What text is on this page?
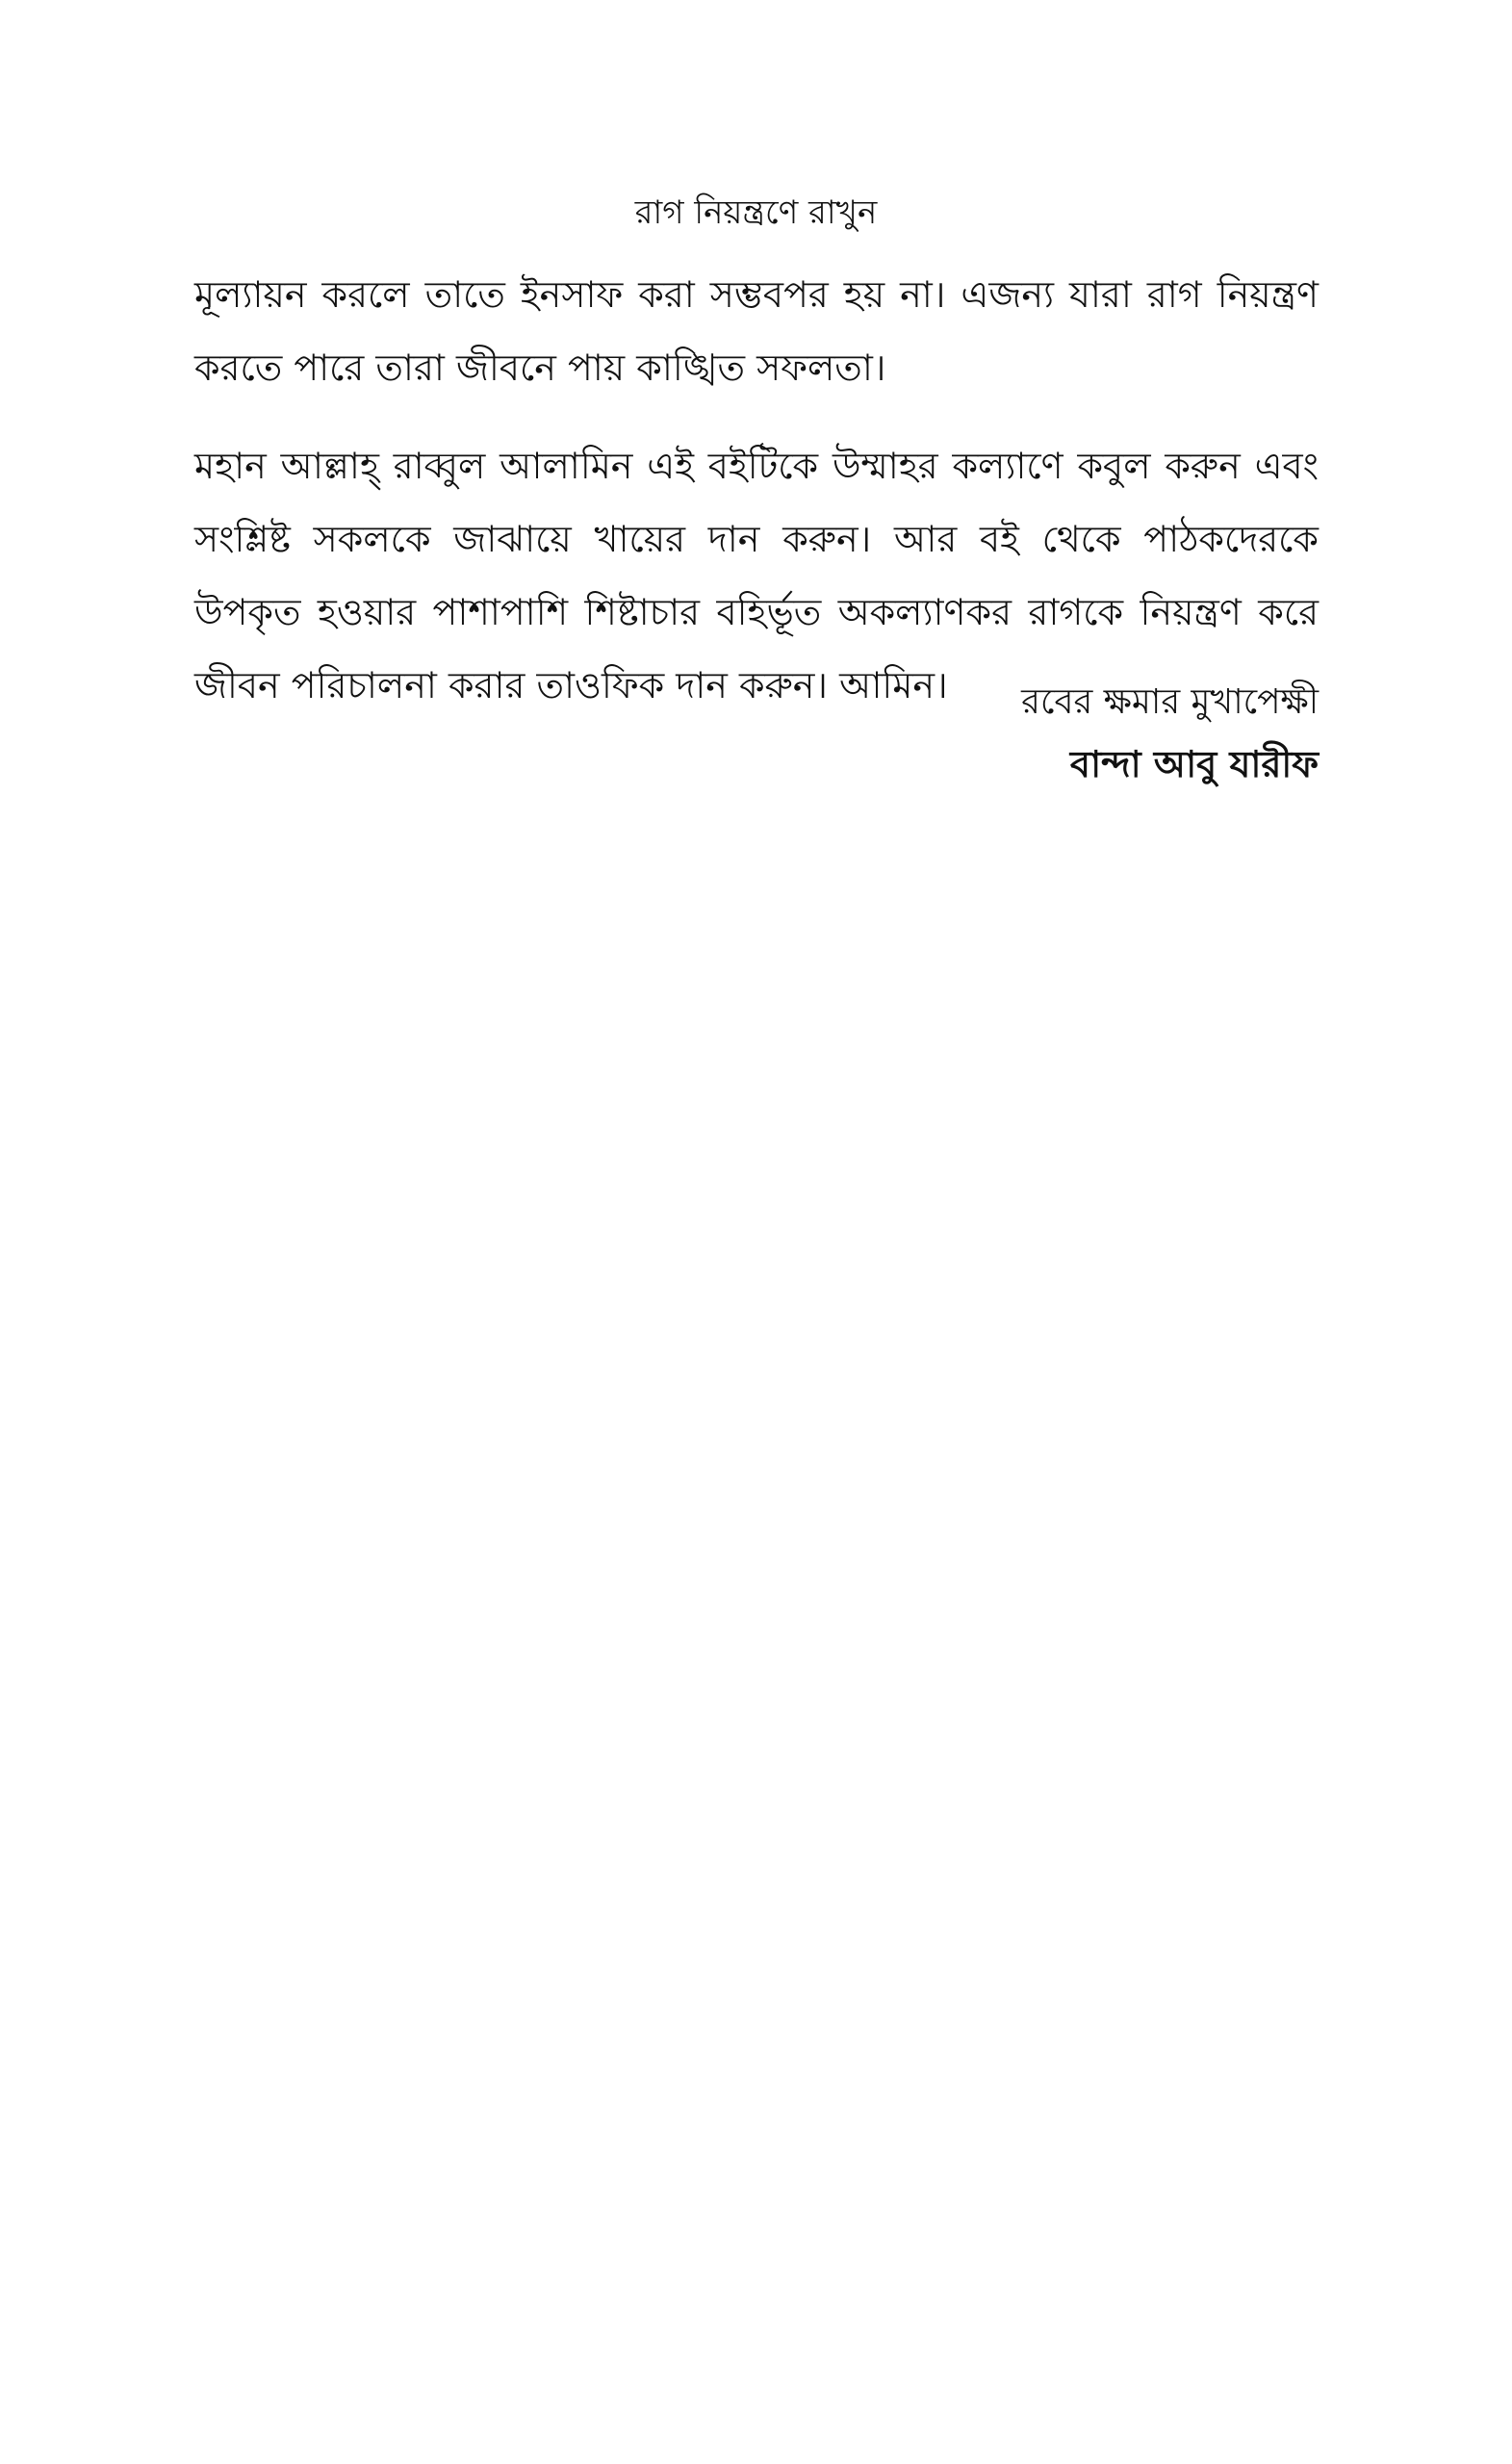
রাগ নিয়ন্ত্রণে রাখুন

মূল্যায়ন করলে তাতে ইনসাফ করা সম্ভবপর হয় না। এজন্য যারা রাগ নিয়ন্ত্রণ করতে পারে তারা জীবনে পায় কাঙ্খিত সফলতা।

মহান আল্লাহ্ রাব্বুল আলামিন এই বইটিকে উম্মাহর কল্যাণে কবুল করুন এবং সংশ্লিষ্ট সকলকে জাঝায়ে খায়ের দান করুন। আর বই থেকে পাঠকদেরকে উপকৃত হওয়ার পাশাপাশি শিষ্টাচার বহির্ভূত অকল্যাণকর রাগকে নিয়ন্ত্রণ করে জীবন পরিচালনা করার তাওফিক দান করুন। আমিন।	রবের ক্ষমার মুখাপেক্ষী
বান্দা আবু যারীফ
